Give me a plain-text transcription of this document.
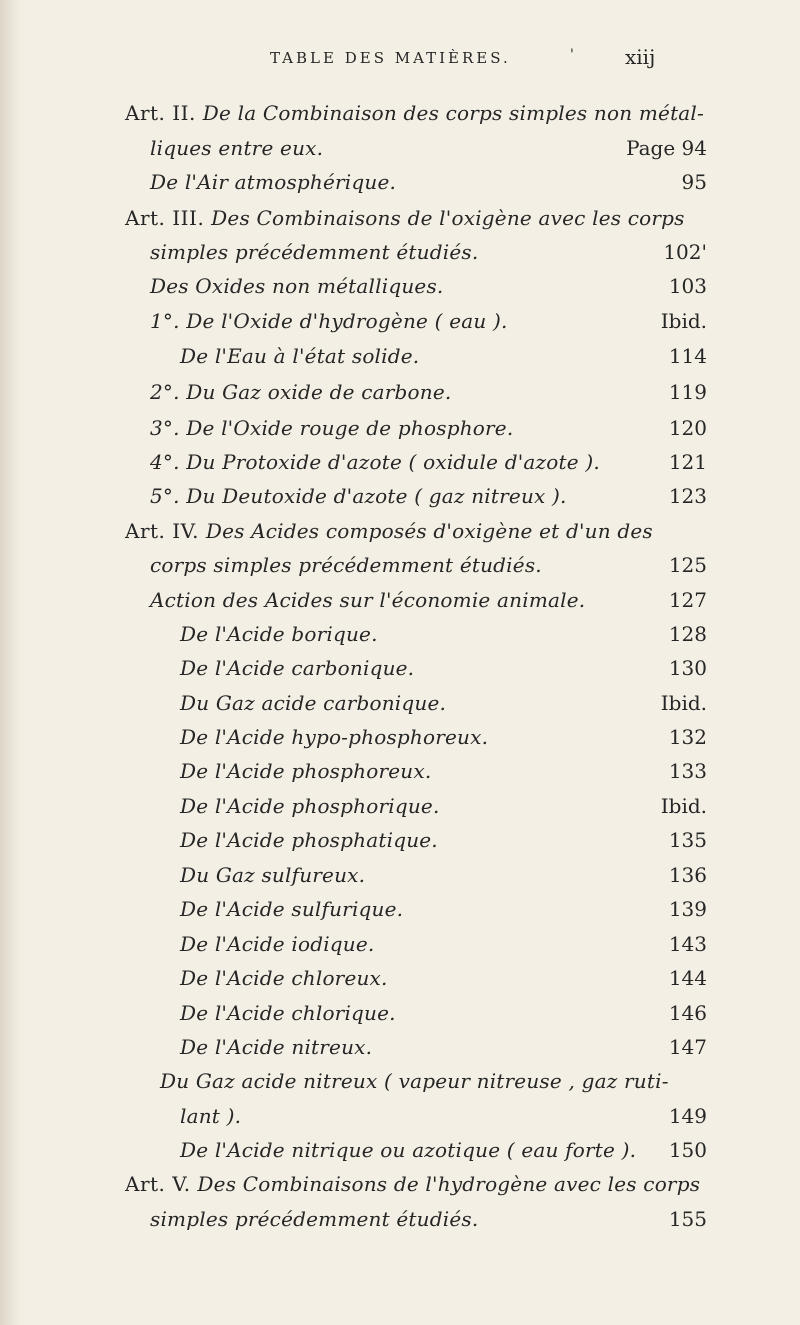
TABLE DES MATIÈRES.	'	xiij
Art. II. De la Combinaison des corps simples non métal-
liques entre eux.	Page 94
De l'Air atmosphérique.	95
Art. III. Des Combinaisons de l'oxigène avec les corps
simples précédemment étudiés.	102'
Des Oxides non métalliques.	103
1°. De l'Oxide d'hydrogène ( eau ).	Ibid.
De l'Eau à l'état solide.	114
2°. Du Gaz oxide de carbone.	119
3°. De l'Oxide rouge de phosphore.	120
4°. Du Protoxide d'azote ( oxidule d'azote ).	121
5°. Du Deutoxide d'azote ( gaz nitreux ).	123
Art. IV. Des Acides composés d'oxigène et d'un des
corps simples précédemment étudiés.	125
Action des Acides sur l'économie animale.	127
De l'Acide borique.	128
De l'Acide carbonique.	130
Du Gaz acide carbonique.	Ibid.
De l'Acide hypo-phosphoreux.	132
De l'Acide phosphoreux.	133
De l'Acide phosphorique.	Ibid.
De l'Acide phosphatique.	135
Du Gaz sulfureux.	136
De l'Acide sulfurique.	139
De l'Acide iodique.	143
De l'Acide chloreux.	144
De l'Acide chlorique.	146
De l'Acide nitreux.	147
Du Gaz acide nitreux ( vapeur nitreuse , gaz ruti-
lant ).	149
De l'Acide nitrique ou azotique ( eau forte ). 150
Art. V. Des Combinaisons de l'hydrogène avec les corps
simples précédemment étudiés.	155
